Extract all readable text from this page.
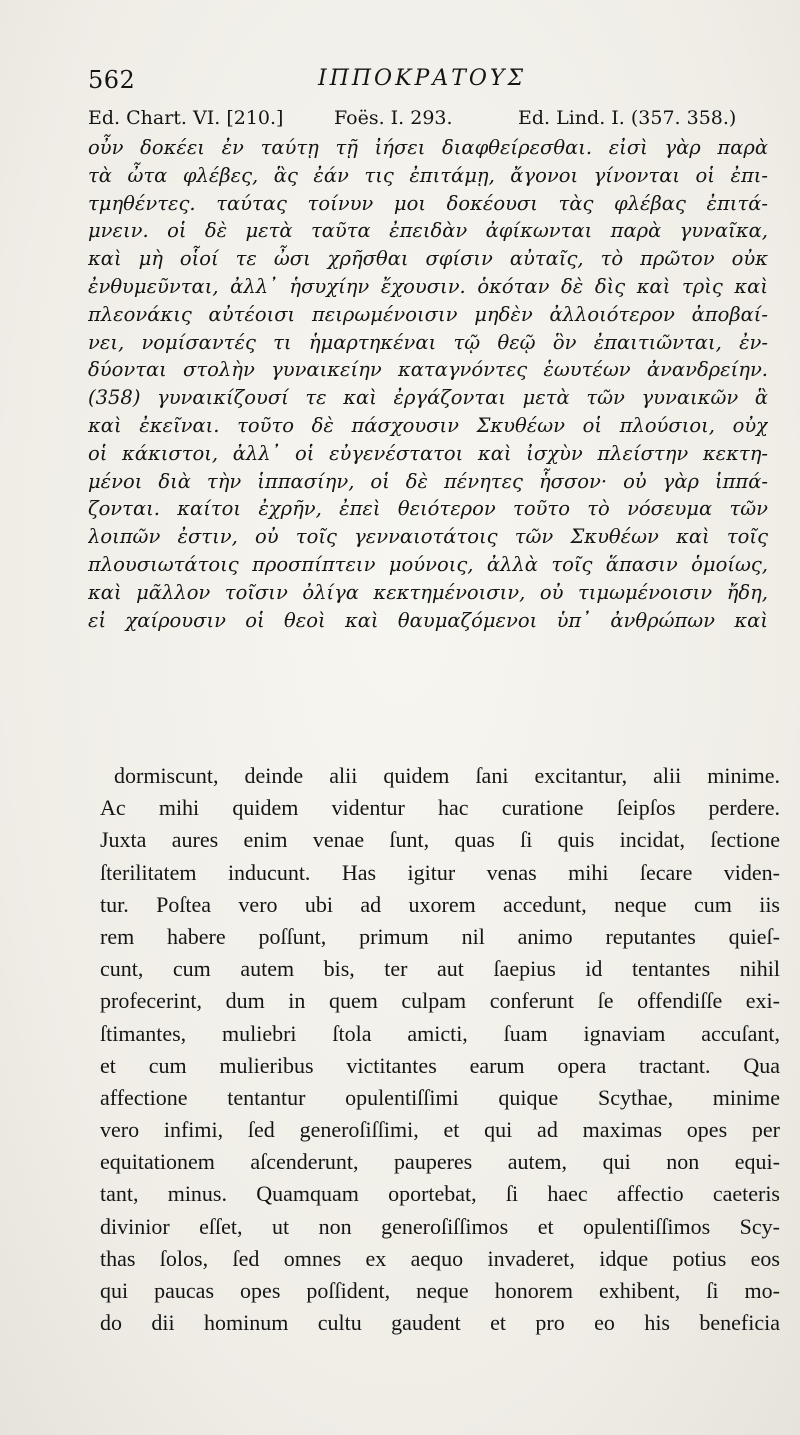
562	ΙΠΠΟΚΡΑΤΟΥΣ
Ed. Chart. VI. [210.]	Foës. I. 293.	Ed. Lind. I. (357. 358.)
οὖν δοκέει ἐν ταύτῃ τῇ ἰήσει διαφθείρεσθαι. εἰσὶ γὰρ παρὰ
τὰ ὦτα φλέβες, ἃς ἐάν τις ἐπιτάμῃ, ἄγονοι γίνονται οἱ ἐπι-
τμηθέντες. ταύτας τοίνυν μοι δοκέουσι τὰς φλέβας ἐπιτά-
μνειν. οἱ δὲ μετὰ ταῦτα ἐπειδὰν ἀφίκωνται παρὰ γυναῖκα,
καὶ μὴ οἷοί τε ὦσι χρῆσθαι σφίσιν αὐταῖς, τὸ πρῶτον οὐκ
ἐνθυμεῦνται, ἀλλ᾽ ἡσυχίην ἔχουσιν. ὁκόταν δὲ δὶς καὶ τρὶς καὶ
πλεονάκις αὐτέοισι πειρωμένοισιν μηδὲν ἀλλοιότερον ἀποβαί-
νει, νομίσαντές τι ἡμαρτηκέναι τῷ θεῷ ὃν ἐπαιτιῶνται, ἐν-
δύονται στολὴν γυναικείην καταγνόντες ἑωυτέων ἀνανδρείην.
(358) γυναικίζουσί τε καὶ ἐργάζονται μετὰ τῶν γυναικῶν ἃ
καὶ ἐκεῖναι. τοῦτο δὲ πάσχουσιν Σκυθέων οἱ πλούσιοι, οὐχ
οἱ κάκιστοι, ἀλλ᾽ οἱ εὐγενέστατοι καὶ ἰσχὺν πλείστην κεκτη-
μένοι διὰ τὴν ἱππασίην, οἱ δὲ πένητες ἧσσον· οὐ γὰρ ἱππά-
ζονται. καίτοι ἐχρῆν, ἐπεὶ θειότερον τοῦτο τὸ νόσευμα τῶν
λοιπῶν ἐστιν, οὐ τοῖς γενναιοτάτοις τῶν Σκυθέων καὶ τοῖς
πλουσιωτάτοις προσπίπτειν μούνοις, ἀλλὰ τοῖς ἅπασιν ὁμοίως,
καὶ μᾶλλον τοῖσιν ὀλίγα κεκτημένοισιν, οὐ τιμωμένοισιν ἤδη,
εἰ χαίρουσιν οἱ θεοὶ καὶ θαυμαζόμενοι ὑπ᾽ ἀνθρώπων καὶ
dormiscunt, deinde alii quidem ſani excitantur, alii minime.
Ac mihi quidem videntur hac curatione ſeipſos perdere.
Juxta aures enim venae ſunt, quas ſi quis incidat, ſectione
ſterilitatem inducunt. Has igitur venas mihi ſecare viden-
tur. Poſtea vero ubi ad uxorem accedunt, neque cum iis
rem habere poſſunt, primum nil animo reputantes quieſ-
cunt, cum autem bis, ter aut ſaepius id tentantes nihil
profecerint, dum in quem culpam conferunt ſe offendiſſe exi-
ſtimantes, muliebri ſtola amicti, ſuam ignaviam accuſant,
et cum mulieribus victitantes earum opera tractant. Qua
affectione tentantur opulentiſſimi quique Scythae, minime
vero infimi, ſed generoſiſſimi, et qui ad maximas opes per
equitationem aſcenderunt, pauperes autem, qui non equi-
tant, minus. Quamquam oportebat, ſi haec affectio caeteris
divinior eſſet, ut non generoſiſſimos et opulentiſſimos Scy-
thas ſolos, ſed omnes ex aequo invaderet, idque potius eos
qui paucas opes poſſident, neque honorem exhibent, ſi mo-
do dii hominum cultu gaudent et pro eo his beneficia
